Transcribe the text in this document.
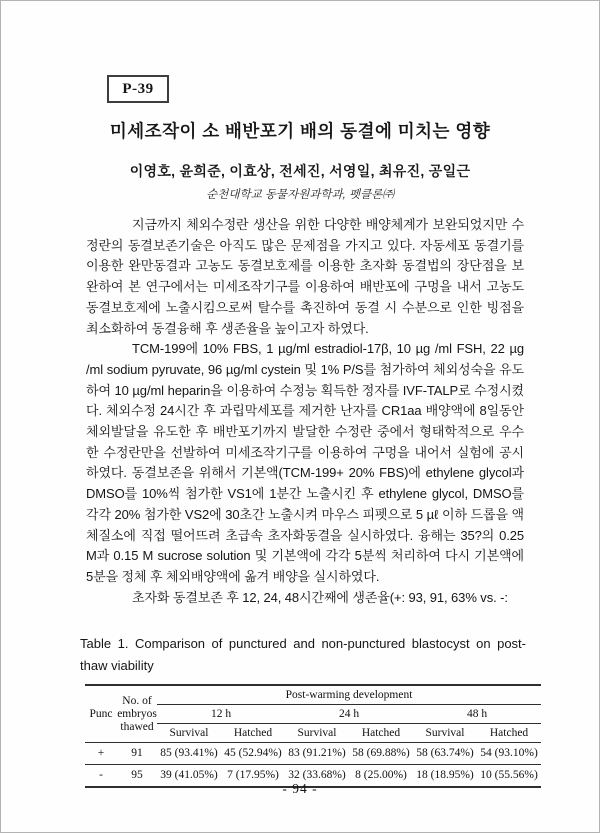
P-39
미세조작이 소 배반포기 배의 동결에 미치는 영향
이영호, 윤희준, 이효상, 전세진, 서영일, 최유진, 공일근
순천대학교 동물자원과학과, 펫클론㈜

지금까지 체외수정란 생산을 위한 다양한 배양체계가 보완되었지만 수정란의 동결보존기술은 아직도 많은 문제점을 가지고 있다. 자동세포 동결기를 이용한 완만동결과 고농도 동결보호제를 이용한 초자화 동결법의 장단점을 보완하여 본 연구에서는 미세조작기구를 이용하여 배반포에 구멍을 내서 고농도 동결보호제에 노출시킴으로써 탈수를 촉진하여 동결 시 수분으로 인한 빙점을 최소화하여 동결융해 후 생존율을 높이고자 하였다.

TCM-199에 10% FBS, 1 µg/ml estradiol-17β, 10 µg /ml FSH, 22 µg /ml sodium pyruvate, 96 µg/ml cystein 및 1% P/S를 첨가하여 체외성숙을 유도하여 10 µg/ml heparin을 이용하여 수정능 획득한 정자를 IVF-TALP로 수정시켰다. 체외수정 24시간 후 과립막세포를 제거한 난자를 CR1aa 배양액에 8일동안 체외발달을 유도한 후 배반포기까지 발달한 수정란 중에서 형태학적으로 우수한 수정란만을 선발하여 미세조작기구를 이용하여 구멍을 내어서 실험에 공시하였다. 동결보존을 위해서 기본액(TCM-199+ 20% FBS)에 ethylene glycol과 DMSO를 10%씩 첨가한 VS1에 1분간 노출시킨 후 ethylene glycol, DMSO를 각각 20% 첨가한 VS2에 30초간 노출시켜 마우스 피펫으로 5 µℓ 이하 드롭을 액체질소에 직접 떨어뜨려 초급속 초자화동결을 실시하였다. 융해는 35?의 0.25 M과 0.15 M sucrose solution 및 기본액에 각각 5분씩 처리하여 다시 기본액에 5분을 정체 후 체외배양액에 옮겨 배양을 실시하였다.

초자화 동결보존 후 12, 24, 48시간째에 생존율(+: 93, 91, 63% vs. -:

Table 1. Comparison of punctured and non-punctured blastocyst on post-thaw viability
Punc	No. of embryos thawed	Post-warming development					
		12 h		24 h		48 h	
		Survival	Hatched	Survival	Hatched	Survival	Hatched
+	91	85 (93.41%)	45 (52.94%)	83 (91.21%)	58 (69.88%)	58 (63.74%)	54 (93.10%)
-	95	39 (41.05%)	7 (17.95%)	32 (33.68%)	8 (25.00%)	18 (18.95%)	10 (55.56%)
- 94 -
